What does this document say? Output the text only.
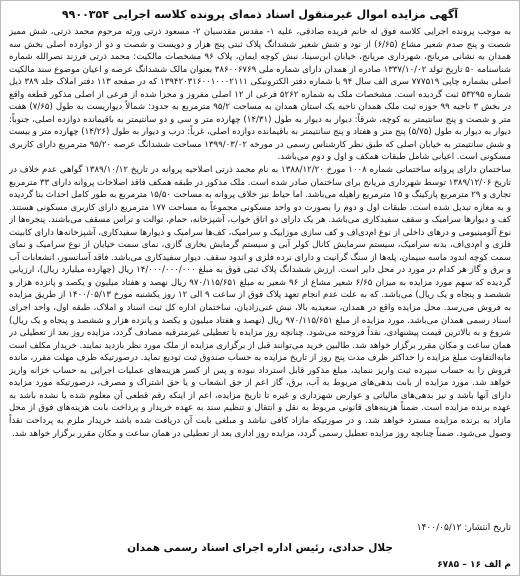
آگهی مزایده اموال غیرمنقول اسناد ذمه‌ای پرونده کلاسه اجرایی ۹۹۰۰۳۵۴

به موجب پرونده اجرایی کلاسه فوق له خانم فریده صادقی، علیه ۱- مقدس مقدسیان ۲- مسعود ذرتی ورثه مرحوم محمد ذرتی، شش ممیز شصت و پنج صدم شعیر مشاع (۶/۶۵) از نود و شش شعیر ششدانگ پلاک ثبتی پنج هزار و دویست و شصت و دو از دوازده اصلی بخش سه همدان به نشانی مریانج، شهرداری مریانج، خیابان ابن‌سینا، نبش کوچه ایمان، پلاک ۹۶ مشخصات مالکیت: محمد ذرتی فرزند نصرالله شماره شناسنامه ۵۰ تاریخ تولد ۱۳۳۷/۱۰/۰۲ صادره از همدان دارای شماره ملی ۳۸۶۰۰۶۷۶۹ بعنوان مالک ششدانگ عرصه و اعیان موضوع سند مالکیت اصلی بشماره چاپی ۷۷۷۵۱۹ سری الف سال ۹۴ با شماره دفتر الکترونیکی ۱۳۹۴۲۰۳۱۶۰۰۱۰۰۰۲۱۱۱ که در صفحه ۱۱۳ دفتر املاک جلد ۳۸۹ ذیل شماره ۵۳۲۹۵ ثبت گردیده است. مشخصات ملک به شماره ۵۲۶۲ فرعی از ۱۲ اصلی مفروز و مجزا شده از فرعی از اصلی مذکور قطعه واقع در بخش ۳ ناحیه ۹۹ حوزه ثبت ملک همدان ناحیه یک استان همدان به مساحت ۹۵/۲ مترمربع به حدود: شمالاً دیواریست به طول (۷/۶۵) هفت متر و شصت و پنج سانتیمتر به کوچه، شرقاً: دیوار به دیوار به طول (۱۴/۳۱) چهارده متر و سی و دو سانتیمتر به باقیمانده دوازده اصلی، جنوباً: دیوار به دیوار به طول (۵/۷۵) پنج متر و هفتاد و پنج سانتیمتر به باقیمانده دوازده اصلی، غرباً: درب و دیوار به طول (۱۴/۲۶) چهارده متر و بیست و شش سانتیمتر به خیابان اصلی که طبق نظر کارشناس رسمی در مورخه ۱۳۹۹/۰۳/۰۲ مساحت ششدانگ عرصه ۹۵/۲۰ مترمربع دارای کاربری مسکونی است. اعیانی شامل طبقات همکف و اول و دوم می‌باشد.

ساختمان دارای پروانه ساختمانی شماره ۱۰۰۸ مورخ ۱۳۸۸/۱۲/۲۰ به نام محمد ذرتی اصلاحیه پروانه در تاریخ ۱۳۸۹/۱۰/۱۲ گواهی عدم خلاف در تاریخ ۱۳۸۹/۱۲/۰۶ توسط شهرداری مریانج برای ساختمان صادر شده است. ملک مذکور در طبقه همکف فاقد اصلاحات پروانه دارای ۳۳ مترمربع تجاری و ۲۹ مترمربع پارکینگ و ۱۵ مترمربع راهپله می‌باشد. اما حیاط نیز خلاف پروانه به مساحت ۱۵/۵۰ مترمربع به طور کامل احداث بنا گردیده و به مغازه تبدیل شده است. طبقات اول و دوم را بصورت دو واحد مسکونی مجموعاً به مساحت ۱۷۷ مترمربع دارای کاربری مسکونی هستند. کف و دیوارها سرامیک و سقف سفیدکاری می‌باشد. هر یک دارای دو اتاق خواب، آشپزخانه، حمام، توالت و تراس مسقف می‌باشند. پنجره‌ها از نوع آلومینیومی و درهای داخلی از نوع ام‌دی‌اف و کف سازی موزاییک و سرامیک، کف‌ها سرامیک و دیوارها سفیدکاری، آشپزخانه‌ها دارای کابینت فلزی و ام‌دی‌اف، بدنه سرامیک، سیستم سرمایش کانال کولر آبی و سیستم گرمایش بخاری گازی، نمای سمت خیابان از نوع سرامیک و نمای سمت کوچه اندود ماسه سیمان، پله‌ها از سنگ گرانیت و دارای نرده فلزی و اندود سقف. دیوار سفیدکاری می‌باشد. فاقد آسانسور، انشعابات آب و برق و گاز هر کدام در مورد در محل دایر است. ارزش ششدانگ پلاک ثبتی فوق به مبلغ ۱۴/۰۰۰/۰۰۰/۰۰۰ ریال (چهارده میلیارد ریال)، ارزیابی گردیده که سهم مورد مزایده به میزان ۶/۶۵ شعیر مشاع از ۹۶ شعیر به مبلغ ۹۷۰/۱۱۵/۶۵۱ ریال نهصد و هفتاد میلیون و یکصد و پانزده هزار و ششصد و پنجاه و یک ریال) می‌باشد. که به علت عدم انجام تعهد پلاک فوق از ساعت ۹ الی ۱۲ روز یکشنبه مورخ ۱۴۰۰/۰۵/۱۳ از طریق مزایده به فروش می‌رسد. محل مزایده واقع در همدان، سعیدیه بالا، نبش غنی‌زادیان، ساختمان اداره کل ثبت اسناد و املاک، طبقه اول، واحد اجرای اسناد رسمی همدان می‌باشد. مورد مزایده از مبلغ ۹۷۰/۱۱۵/۶۵۱ ریال (نهصد و هفتاد میلیون و یکصد و پانزده هزار و ششصد و پنجاه و یک ریال) شروع و به بالاترین قیمت پیشنهادی، نقداً فروخته می‌شود. چنانچه روز مزایده با تعطیلی غیرمترقبه مصادف گردد، مزایده روز بعد از تعطیلی در همان ساعت و مکان مقرر برگزار خواهد شد. طالبین خرید می‌توانند قبل از برگزاری مزایده از ملک مورد نظر بازدید نمایند. خریدار مکلف است مابه‌التفاوت مبلغ مزایده را حداکثر ظرف مدت پنج روز از تاریخ مزایده به حساب صندوق ثبت تودیع نماید. درصورتیکه ظرف مهلت مقرر، مانده فروش را به حساب سپرده ثبت واریز ننماید، مبلغ مذکور قابل استرداد نبوده و پس از کسر هزینه‌های عملیات اجرایی به حساب خزانه واریز خواهد شد. مورد مزایده از بابت بدهی‌های مربوط به آب، برق، گاز اعم از حق انشعاب و یا حق اشتراک و مصرف، درصورتیکه مورد مزایده دارای آنها باشد و نیز بدهی‌های مالیاتی و عوارض شهرداری و غیره تا تاریخ مزایده، اعم از اینکه رقم قطعی آن معلوم شده یا نشده باشد به عهده برنده مزایده است. ضمناً هزینه‌های قانونی مربوط به نقل و انتقال و تنظیم سند به عهده خریدار و پرداخت بابت هزینه‌های فوق از محل مازاد به برنده مزایده مسترد خواهد شد. و در صورتیکه مازاد کافی نباشد و مبلغی بابت آن دریافت شده باشد خریدار ملزم به پرداخت نقداً وصول می‌شود. ضمناً چنانچه روز مزایده تعطیل رسمی گردد، مزایده روز اداری بعد از تعطیلی در همان ساعت و مکان مقرر برگزار خواهد شد.

تاریخ انتشار: ۱۴۰۰/۰۵/۱۲
جلال حدادی، رئیس اداره اجرای اسناد رسمی همدان
م الف ۱۶ – ۶۷۸۵
